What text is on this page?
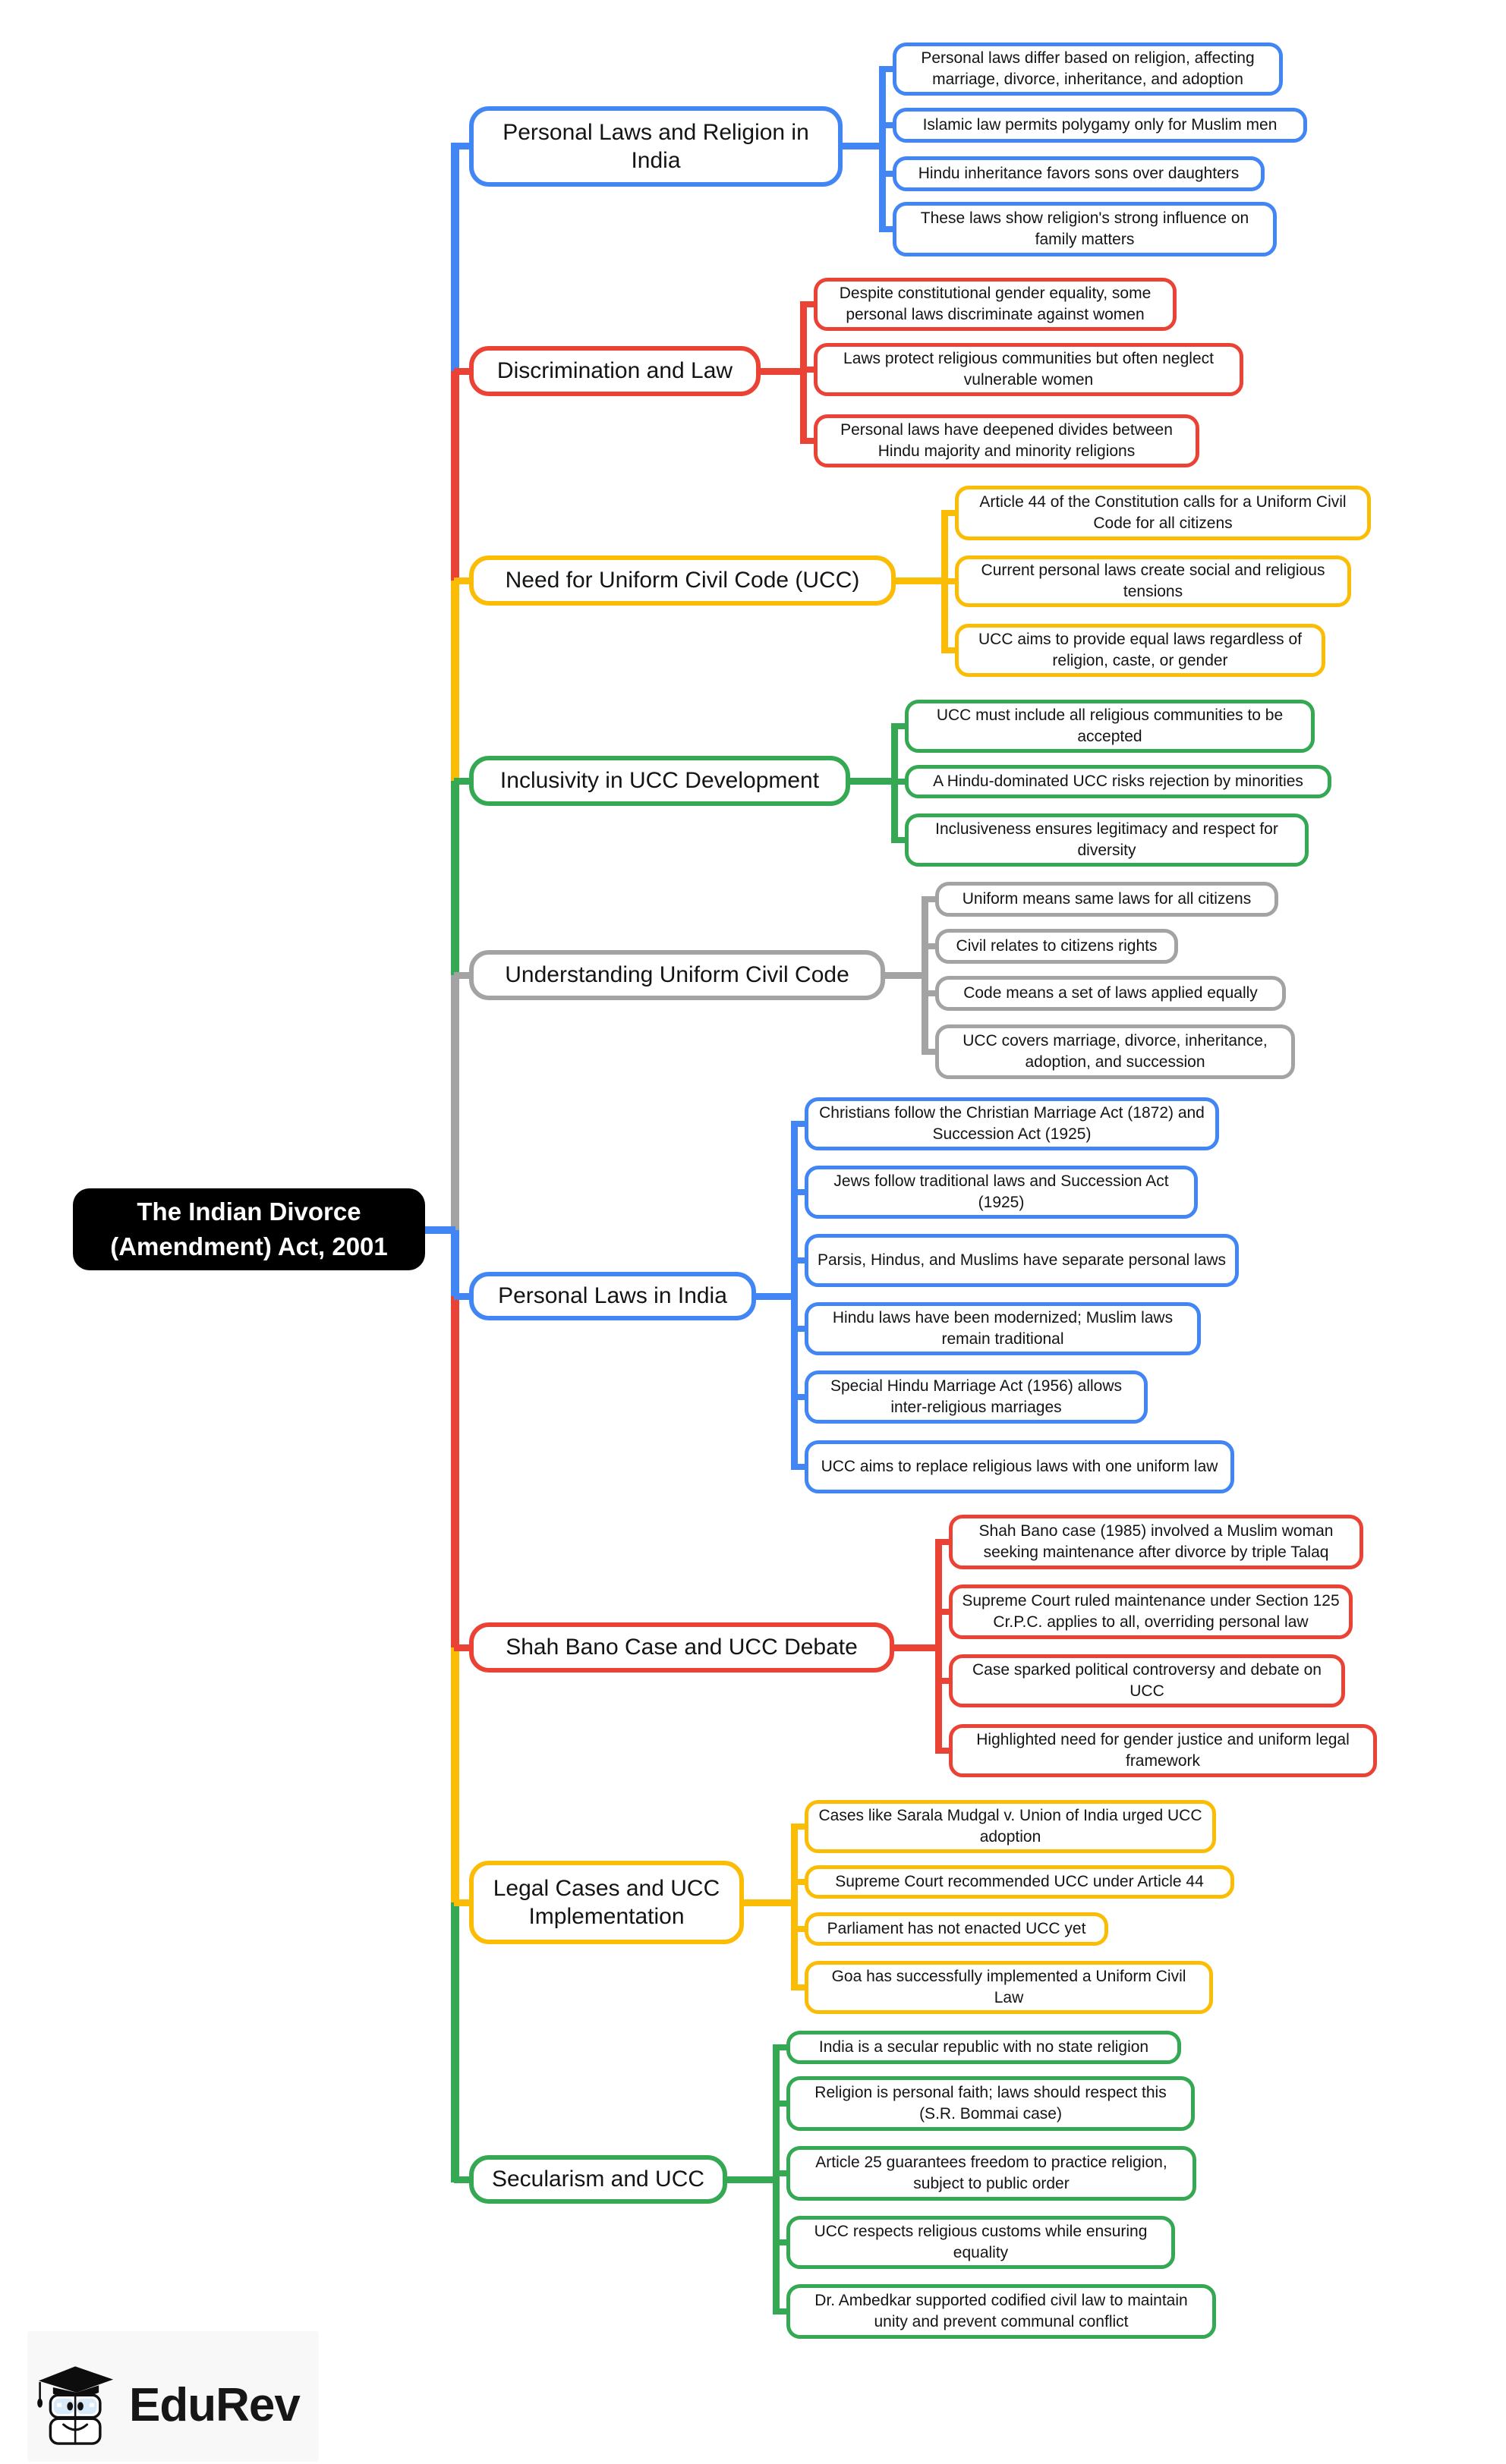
Personal Laws and Religion in India
Personal laws differ based on religion, affecting marriage, divorce, inheritance, and adoption
Islamic law permits polygamy only for Muslim men
Hindu inheritance favors sons over daughters
These laws show religion's strong influence on family matters
Discrimination and Law
Despite constitutional gender equality, some personal laws discriminate against women
Laws protect religious communities but often neglect vulnerable women
Personal laws have deepened divides between Hindu majority and minority religions
Need for Uniform Civil Code (UCC)
Article 44 of the Constitution calls for a Uniform Civil Code for all citizens
Current personal laws create social and religious tensions
UCC aims to provide equal laws regardless of religion, caste, or gender
Inclusivity in UCC Development
UCC must include all religious communities to be accepted
A Hindu-dominated UCC risks rejection by minorities
Inclusiveness ensures legitimacy and respect for diversity
Understanding Uniform Civil Code
Uniform means same laws for all citizens
Civil relates to citizens rights
Code means a set of laws applied equally
UCC covers marriage, divorce, inheritance, adoption, and succession
Personal Laws in India
Christians follow the Christian Marriage Act (1872) and Succession Act (1925)
Jews follow traditional laws and Succession Act (1925)
Parsis, Hindus, and Muslims have separate personal laws
Hindu laws have been modernized; Muslim laws remain traditional
Special Hindu Marriage Act (1956) allows inter-religious marriages
UCC aims to replace religious laws with one uniform law
Shah Bano Case and UCC Debate
Shah Bano case (1985) involved a Muslim woman seeking maintenance after divorce by triple Talaq
Supreme Court ruled maintenance under Section 125 Cr.P.C. applies to all, overriding personal law
Case sparked political controversy and debate on UCC
Highlighted need for gender justice and uniform legal framework
Legal Cases and UCC Implementation
Cases like Sarala Mudgal v. Union of India urged UCC adoption
Supreme Court recommended UCC under Article 44
Parliament has not enacted UCC yet
Goa has successfully implemented a Uniform Civil Law
Secularism and UCC
India is a secular republic with no state religion
Religion is personal faith; laws should respect this (S.R. Bommai case)
Article 25 guarantees freedom to practice religion, subject to public order
UCC respects religious customs while ensuring equality
Dr. Ambedkar supported codified civil law to maintain unity and prevent communal conflict
The Indian Divorce (Amendment) Act, 2001
EduRev
